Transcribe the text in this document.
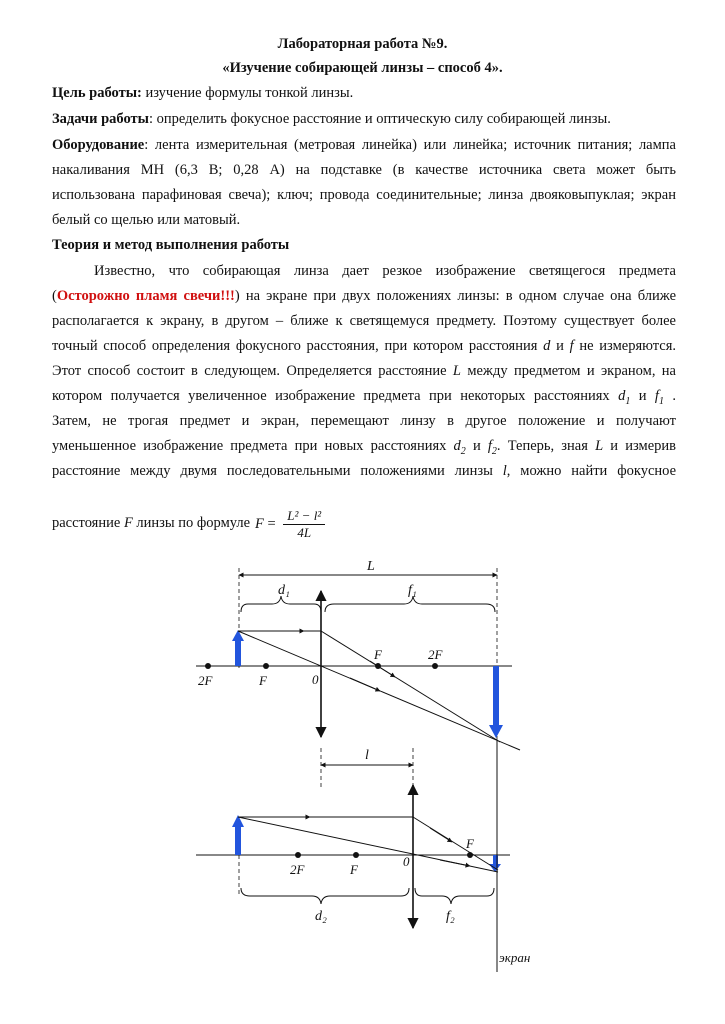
Лабораторная работа №9.
«Изучение собирающей линзы – способ 4».
Цель работы: изучение формулы тонкой линзы.
Задачи работы: определить фокусное расстояние и оптическую силу собирающей линзы.
Оборудование: лента измерительная (метровая линейка) или линейка; источник питания; лампа
накаливания МН (6,3 В; 0,28 А) на подставке (в качестве источника света может быть
использована парафиновая свеча); ключ; провода соединительные; линза двояковыпуклая; экран
белый со щелью или матовый.
Теория и метод выполнения работы
Известно, что собирающая линза дает резкое изображение светящегося предмета
(Осторожно пламя свечи!!!) на экране при двух положениях линзы: в одном случае она ближе
располагается к экрану, в другом – ближе к светящемуся предмету. Поэтому существует более
точный способ определения фокусного расстояния, при котором расстояния d и f не измеряются.
Этот способ состоит в следующем. Определяется расстояние L между предметом и экраном, на
котором получается увеличенное изображение предмета при некоторых расстояниях $d_1$ и $f_1$ .
Затем, не трогая предмет и экран, перемещают линзу в другое положение и получают
уменьшенное изображение предмета при новых расстояниях $d_2$ и $f_2$. Теперь, зная L и измерив
расстояние между двумя последовательными положениями линзы l, можно найти фокусное
расстояние F линзы по формуле $F = \frac{\text{L² − l²}}{4L}$
L
d₁	f₁
2F	F	0
F	2F
l
2F	F
0
F
d₂	f₂
экран
